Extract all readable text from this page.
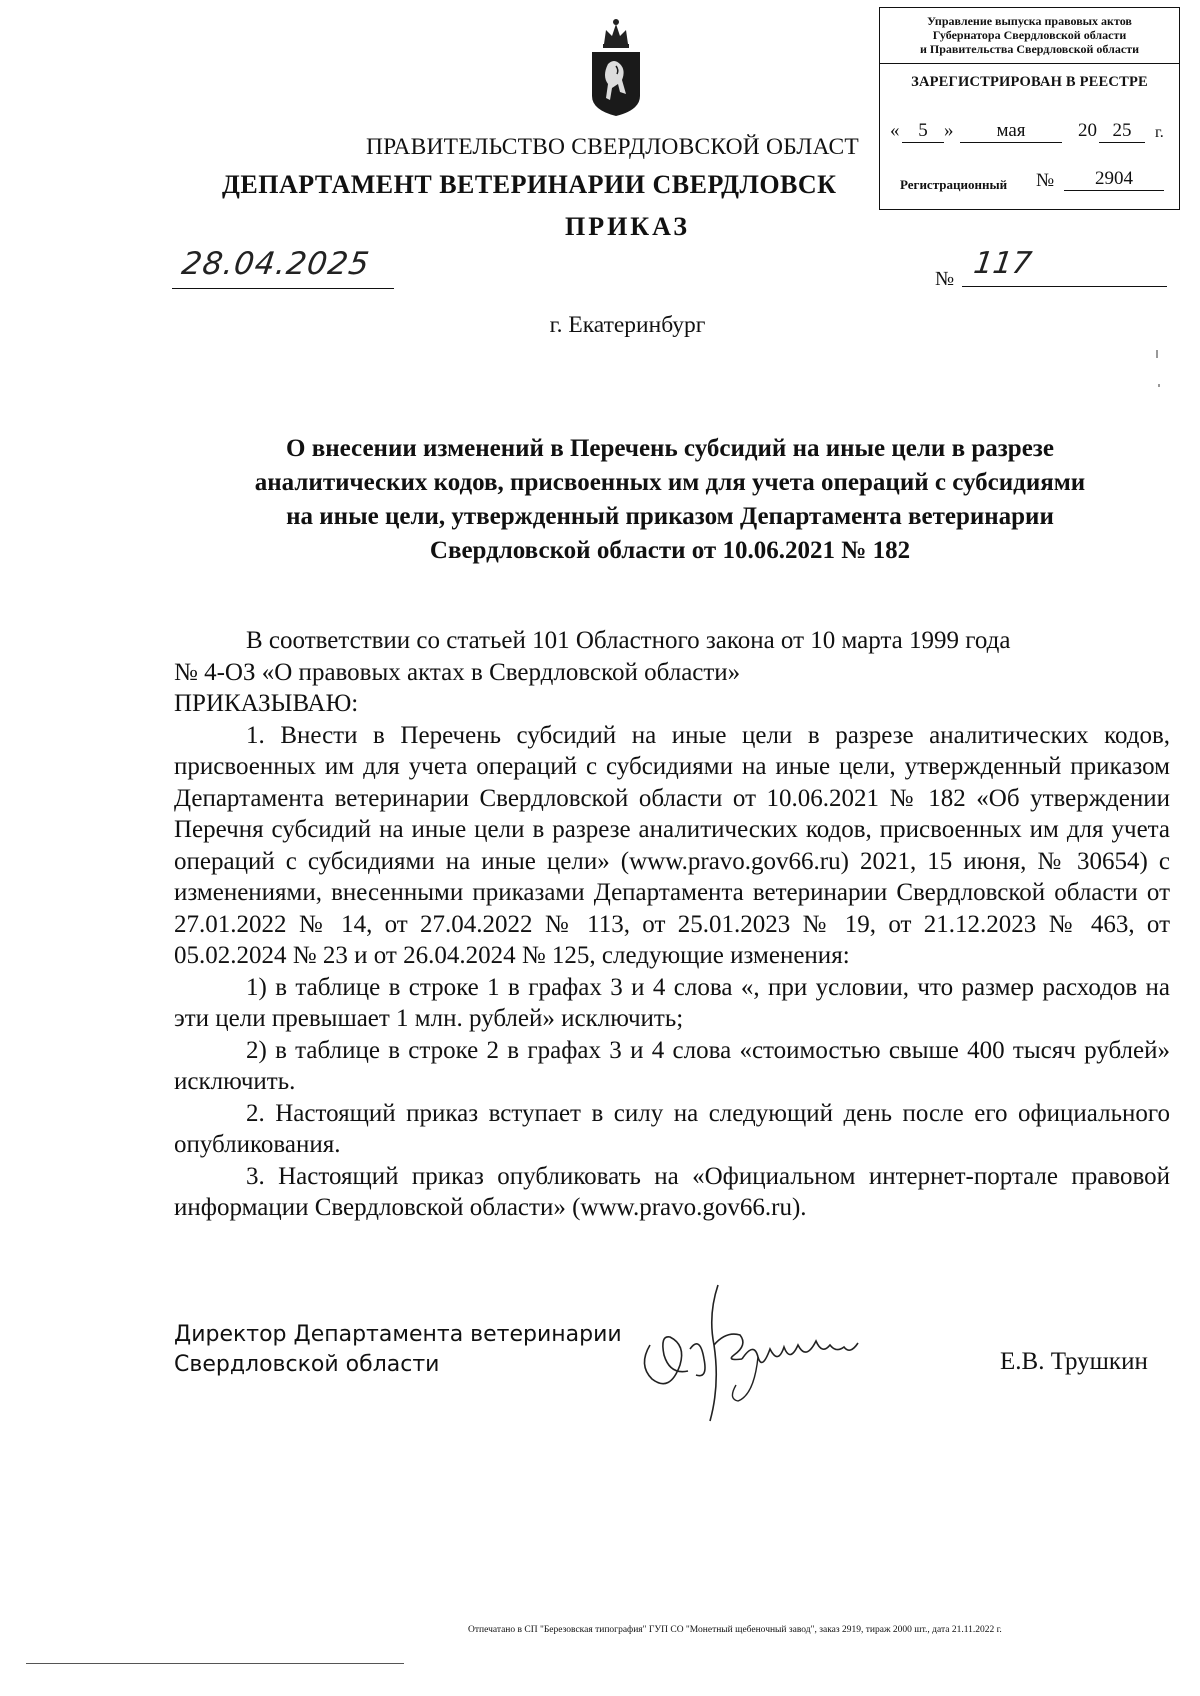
Управление выпуска правовых актов
Губернатора Свердловской области
и Правительства Свердловской области
ЗАРЕГИСТРИРОВАН В РЕЕСТРЕ
« 5 »	мая	20 25	г.
Регистрационный №	2904
ПРАВИТЕЛЬСТВО СВЕРДЛОВСКОЙ ОБЛАСТ
ДЕПАРТАМЕНТ ВЕТЕРИНАРИИ СВЕРДЛОВСК
ПРИКАЗ
28.04.2025	№ 117
г. Екатеринбург
О внесении изменений в Перечень субсидий на иные цели в разрезе
аналитических кодов, присвоенных им для учета операций с субсидиями
на иные цели, утвержденный приказом Департамента ветеринарии
Свердловской области от 10.06.2021 № 182

В соответствии со статьей 101 Областного закона от 10 марта 1999 года

№ 4-ОЗ «О правовых актах в Свердловской области»

ПРИКАЗЫВАЮ:

1. Внести в Перечень субсидий на иные цели в разрезе аналитических кодов, присвоенных им для учета операций с субсидиями на иные цели, утвержденный приказом Департамента ветеринарии Свердловской области от 10.06.2021 № 182 «Об утверждении Перечня субсидий на иные цели в разрезе аналитических кодов, присвоенных им для учета операций с субсидиями на иные цели» (www.pravo.gov66.ru) 2021, 15 июня, № 30654) с изменениями, внесенными приказами Департамента ветеринарии Свердловской области от 27.01.2022 № 14, от 27.04.2022 № 113, от 25.01.2023 № 19, от 21.12.2023 № 463, от 05.02.2024 № 23 и от 26.04.2024 № 125, следующие изменения:

1) в таблице в строке 1 в графах 3 и 4 слова «, при условии, что размер расходов на эти цели превышает 1 млн. рублей» исключить;

2) в таблице в строке 2 в графах 3 и 4 слова «стоимостью свыше 400 тысяч рублей» исключить.

2. Настоящий приказ вступает в силу на следующий день после его официального опубликования.

3. Настоящий приказ опубликовать на «Официальном интернет-портале правовой информации Свердловской области» (www.pravo.gov66.ru).

Директор Департамента ветеринарии
Свердловской области	Е.В. Трушкин
Отпечатано в СП "Березовская типография" ГУП СО "Монетный щебеночный завод", заказ 2919, тираж 2000 шт., дата 21.11.2022 г.
